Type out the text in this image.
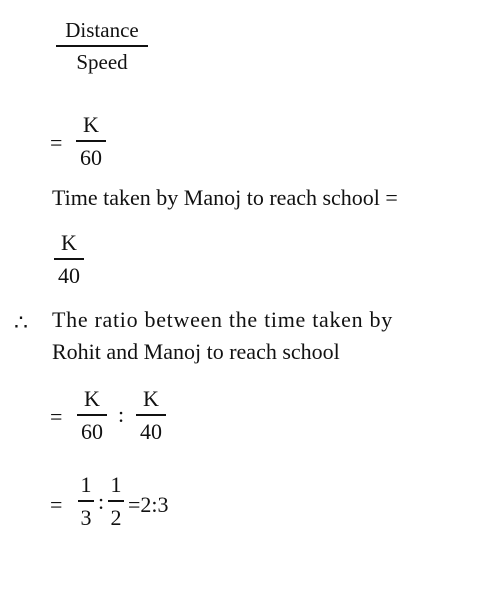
Distance
Speed
=
K
60
Time taken by Manoj to reach school =
K
40
∴ The ratio between the time taken by
Rohit and Manoj to reach school
=
K
60
:
K
40
=
1
3
:
1
2
=2:3
